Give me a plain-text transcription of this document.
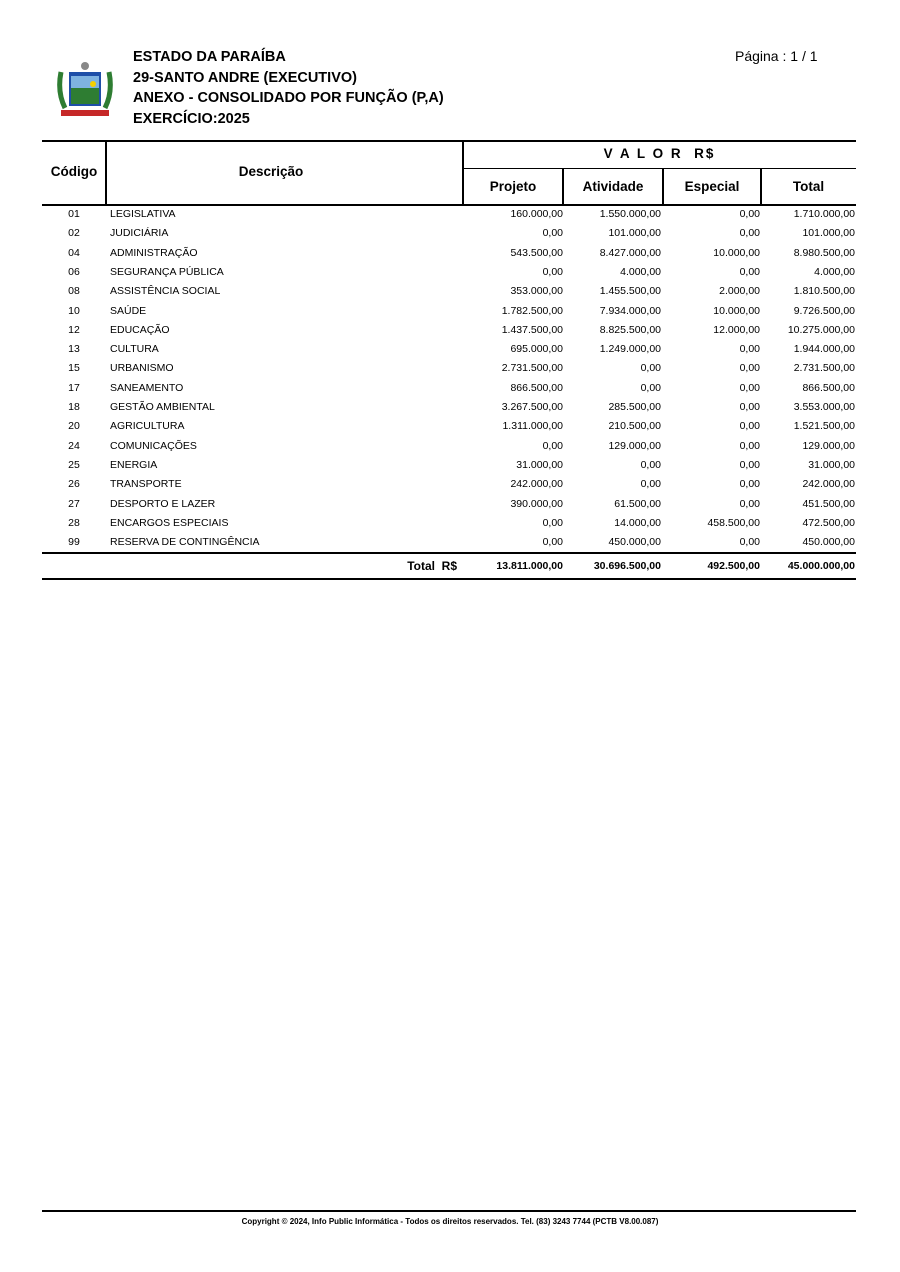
ESTADO DA PARAÍBA
29-SANTO ANDRE (EXECUTIVO)
ANEXO - CONSOLIDADO POR FUNÇÃO (P,A)
EXERCÍCIO:2025
Página : 1 / 1
Código	Descrição
V A L O R  R$
Projeto	Atividade	Especial	Total
01	LEGISLATIVA	160.000,00	1.550.000,00	0,00	1.710.000,00
02	JUDICIÁRIA	0,00	101.000,00	0,00	101.000,00
04	ADMINISTRAÇÃO	543.500,00	8.427.000,00	10.000,00	8.980.500,00
06	SEGURANÇA PÚBLICA	0,00	4.000,00	0,00	4.000,00
08	ASSISTÊNCIA SOCIAL	353.000,00	1.455.500,00	2.000,00	1.810.500,00
10	SAÚDE	1.782.500,00	7.934.000,00	10.000,00	9.726.500,00
12	EDUCAÇÃO	1.437.500,00	8.825.500,00	12.000,00	10.275.000,00
13	CULTURA	695.000,00	1.249.000,00	0,00	1.944.000,00
15	URBANISMO	2.731.500,00	0,00	0,00	2.731.500,00
17	SANEAMENTO	866.500,00	0,00	0,00	866.500,00
18	GESTÃO AMBIENTAL	3.267.500,00	285.500,00	0,00	3.553.000,00
20	AGRICULTURA	1.311.000,00	210.500,00	0,00	1.521.500,00
24	COMUNICAÇÕES	0,00	129.000,00	0,00	129.000,00
25	ENERGIA	31.000,00	0,00	0,00	31.000,00
26	TRANSPORTE	242.000,00	0,00	0,00	242.000,00
27	DESPORTO E LAZER	390.000,00	61.500,00	0,00	451.500,00
28	ENCARGOS ESPECIAIS	0,00	14.000,00	458.500,00	472.500,00
99	RESERVA DE CONTINGÊNCIA	0,00	450.000,00	0,00	450.000,00
Total  R$	13.811.000,00	30.696.500,00	492.500,00	45.000.000,00
Copyright © 2024, Info Public Informática - Todos os direitos reservados. Tel. (83) 3243 7744 (PCTB V8.00.087)
